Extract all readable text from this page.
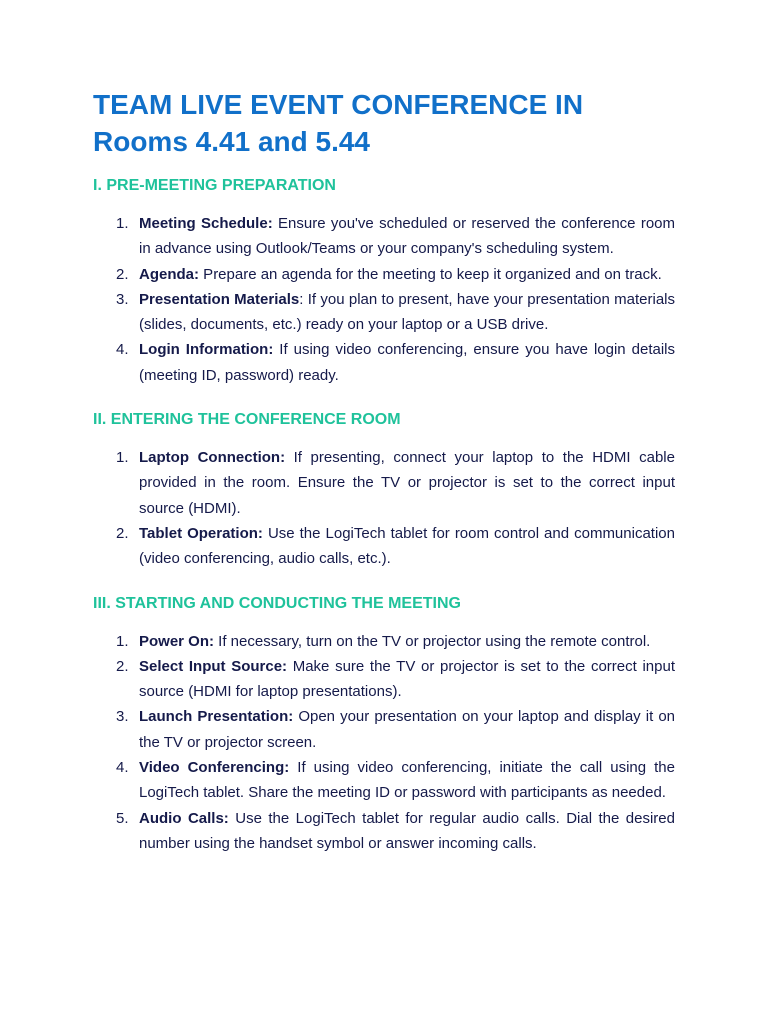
TEAM LIVE EVENT CONFERENCE IN
Rooms 4.41 and 5.44
I. PRE-MEETING PREPARATION
1. Meeting Schedule: Ensure you've scheduled or reserved the conference room in advance using Outlook/Teams or your company's scheduling system.
2. Agenda: Prepare an agenda for the meeting to keep it organized and on track.
3. Presentation Materials: If you plan to present, have your presentation materials (slides, documents, etc.) ready on your laptop or a USB drive.
4. Login Information: If using video conferencing, ensure you have login details (meeting ID, password) ready.
II. ENTERING THE CONFERENCE ROOM
1. Laptop Connection: If presenting, connect your laptop to the HDMI cable provided in the room. Ensure the TV or projector is set to the correct input source (HDMI).
2. Tablet Operation: Use the LogiTech tablet for room control and communication (video conferencing, audio calls, etc.).
III. STARTING AND CONDUCTING THE MEETING
1. Power On: If necessary, turn on the TV or projector using the remote control.
2. Select Input Source: Make sure the TV or projector is set to the correct input source (HDMI for laptop presentations).
3. Launch Presentation: Open your presentation on your laptop and display it on the TV or projector screen.
4. Video Conferencing: If using video conferencing, initiate the call using the LogiTech tablet. Share the meeting ID or password with participants as needed.
5. Audio Calls: Use the LogiTech tablet for regular audio calls. Dial the desired number using the handset symbol or answer incoming calls.
